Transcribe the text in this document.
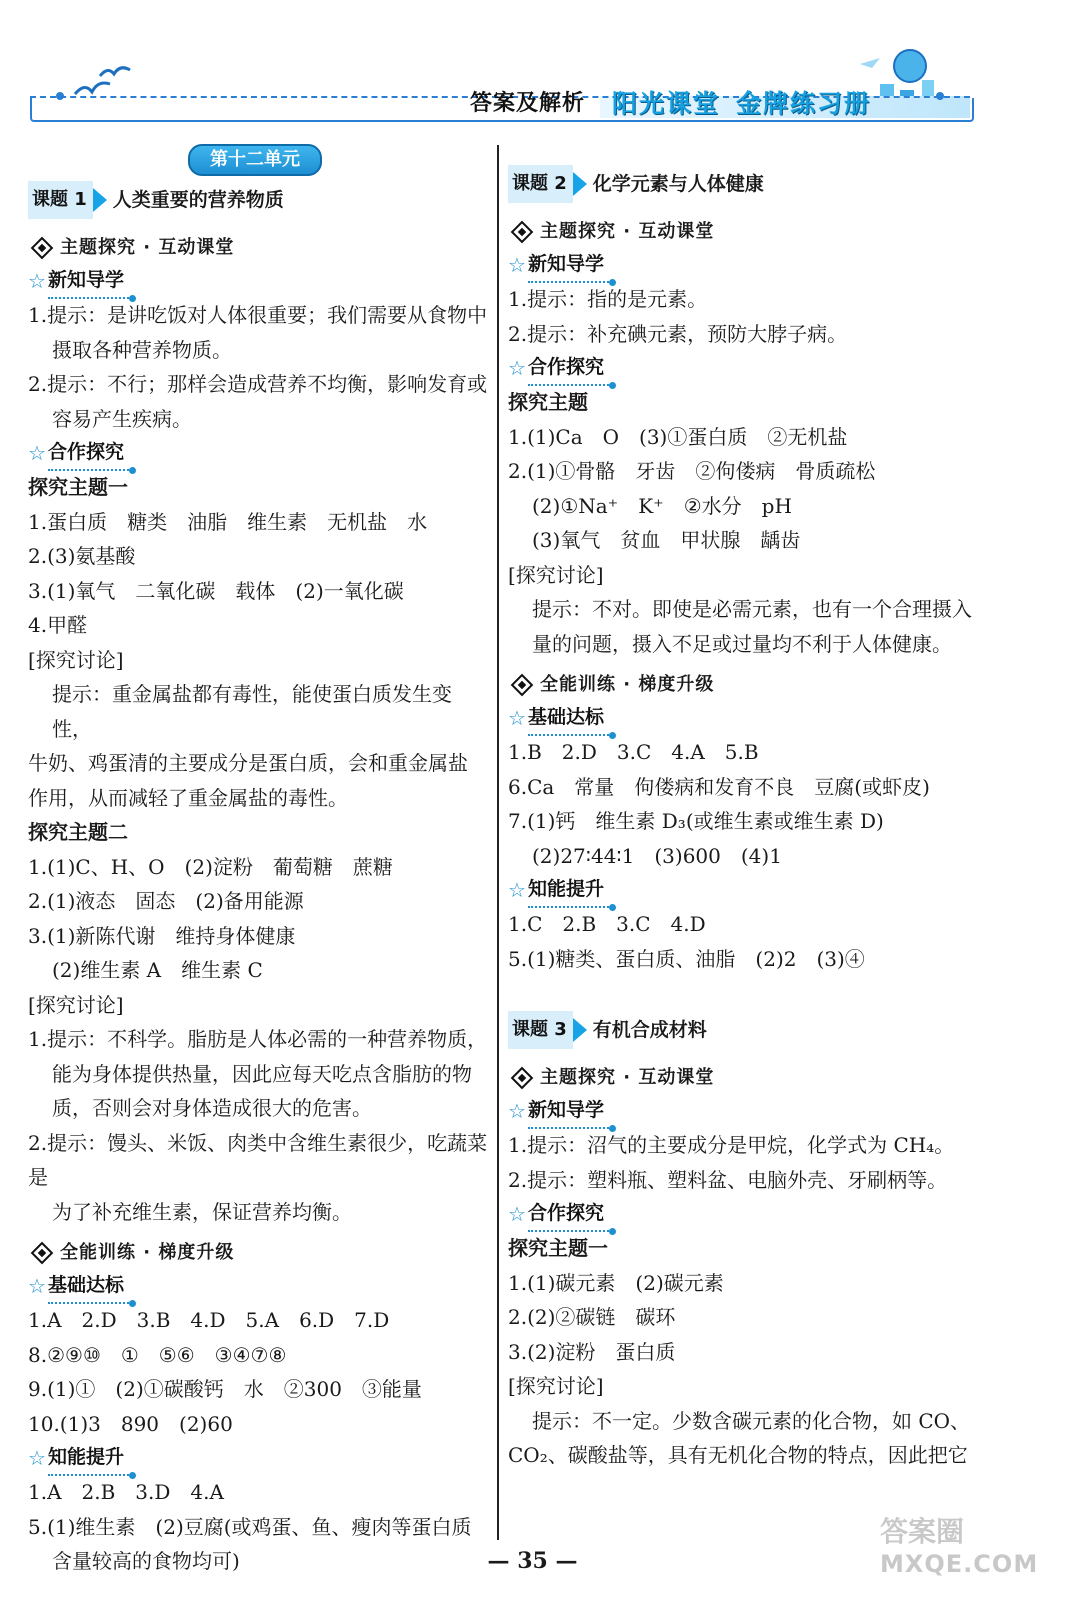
答案及解析 阳光课堂 金牌练习册
第十二单元
课题 1	人类重要的营养物质
主题探究 · 互动课堂
☆ 新知导学

1.提示：是讲吃饭对人体很重要；我们需要从食物中

摄取各种营养物质。

2.提示：不行；那样会造成营养不均衡，影响发育或

容易产生疾病。

☆ 合作探究

探究主题一

1.蛋白质　糖类　油脂　维生素　无机盐　水

2.(3)氨基酸

3.(1)氧气　二氧化碳　载体　(2)一氧化碳

4.甲醛

[探究讨论]

提示：重金属盐都有毒性，能使蛋白质发生变性，

牛奶、鸡蛋清的主要成分是蛋白质，会和重金属盐

作用，从而减轻了重金属盐的毒性。

探究主题二

1.(1)C、H、O　(2)淀粉　葡萄糖　蔗糖

2.(1)液态　固态　(2)备用能源

3.(1)新陈代谢　维持身体健康

(2)维生素 A　维生素 C

[探究讨论]

1.提示：不科学。脂肪是人体必需的一种营养物质，

能为身体提供热量，因此应每天吃点含脂肪的物

质，否则会对身体造成很大的危害。

2.提示：馒头、米饭、肉类中含维生素很少，吃蔬菜是

为了补充维生素，保证营养均衡。

全能训练 · 梯度升级
☆ 基础达标

1.A　2.D　3.B　4.D　5.A　6.D　7.D

8.②⑨⑩　①　⑤⑥　③④⑦⑧

9.(1)①　(2)①碳酸钙　水　②300　③能量

10.(1)3　890　(2)60

☆ 知能提升

1.A　2.B　3.D　4.A

5.(1)维生素　(2)豆腐(或鸡蛋、鱼、瘦肉等蛋白质

含量较高的食物均可)

课题 2	化学元素与人体健康
主题探究 · 互动课堂
☆ 新知导学

1.提示：指的是元素。

2.提示：补充碘元素，预防大脖子病。

☆ 合作探究

探究主题

1.(1)Ca　O　(3)①蛋白质　②无机盐

2.(1)①骨骼　牙齿　②佝偻病　骨质疏松

(2)①Na⁺　K⁺　②水分　pH

(3)氧气　贫血　甲状腺　龋齿

[探究讨论]

提示：不对。即使是必需元素，也有一个合理摄入

量的问题，摄入不足或过量均不利于人体健康。

全能训练 · 梯度升级
☆ 基础达标

1.B　2.D　3.C　4.A　5.B

6.Ca　常量　佝偻病和发育不良　豆腐(或虾皮)

7.(1)钙　维生素 D₃(或维生素或维生素 D)

(2)27∶44∶1　(3)600　(4)1

☆ 知能提升

1.C　2.B　3.C　4.D

5.(1)糖类、蛋白质、油脂　(2)2　(3)④

课题 3	有机合成材料
主题探究 · 互动课堂
☆ 新知导学

1.提示：沼气的主要成分是甲烷，化学式为 CH₄。

2.提示：塑料瓶、塑料盆、电脑外壳、牙刷柄等。

☆ 合作探究

探究主题一

1.(1)碳元素　(2)碳元素

2.(2)②碳链　碳环

3.(2)淀粉　蛋白质

[探究讨论]

提示：不一定。少数含碳元素的化合物，如 CO、

CO₂、碳酸盐等，具有无机化合物的特点，因此把它

— 35 —
答案圈
MXQE.COM
